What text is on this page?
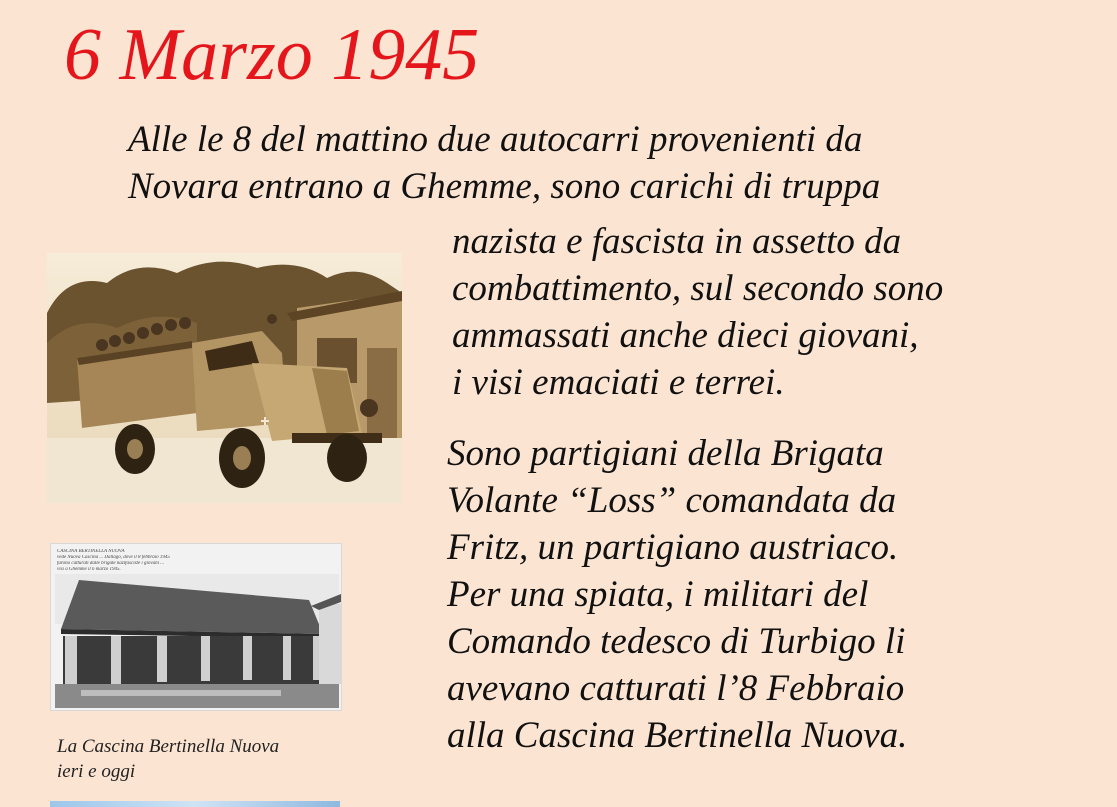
6 Marzo 1945
Alle le 8 del mattino due autocarri provenienti da
Novara entrano a Ghemme, sono carichi di truppa
nazista e fascista in assetto da
combattimento, sul secondo sono
ammassati anche dieci giovani,
i visi emaciati e terrei.
Sono partigiani della Brigata
Volante “Loss” comandata da
Fritz, un partigiano austriaco.
Per una spiata, i militari del
Comando tedesco di Turbigo li
avevano catturati l’8 Febbraio
alla Cascina Bertinella Nuova.
CASCINA BERTINELLA NUOVA
vede Nuova Cascina ... Dallago, dove il 8 febbraio 1945
furono catturati dalle brigate nazifasciste i giovani ...
visi a Ghemme il 6 marzo 1945.
La Cascina Bertinella Nuova
ieri e oggi
